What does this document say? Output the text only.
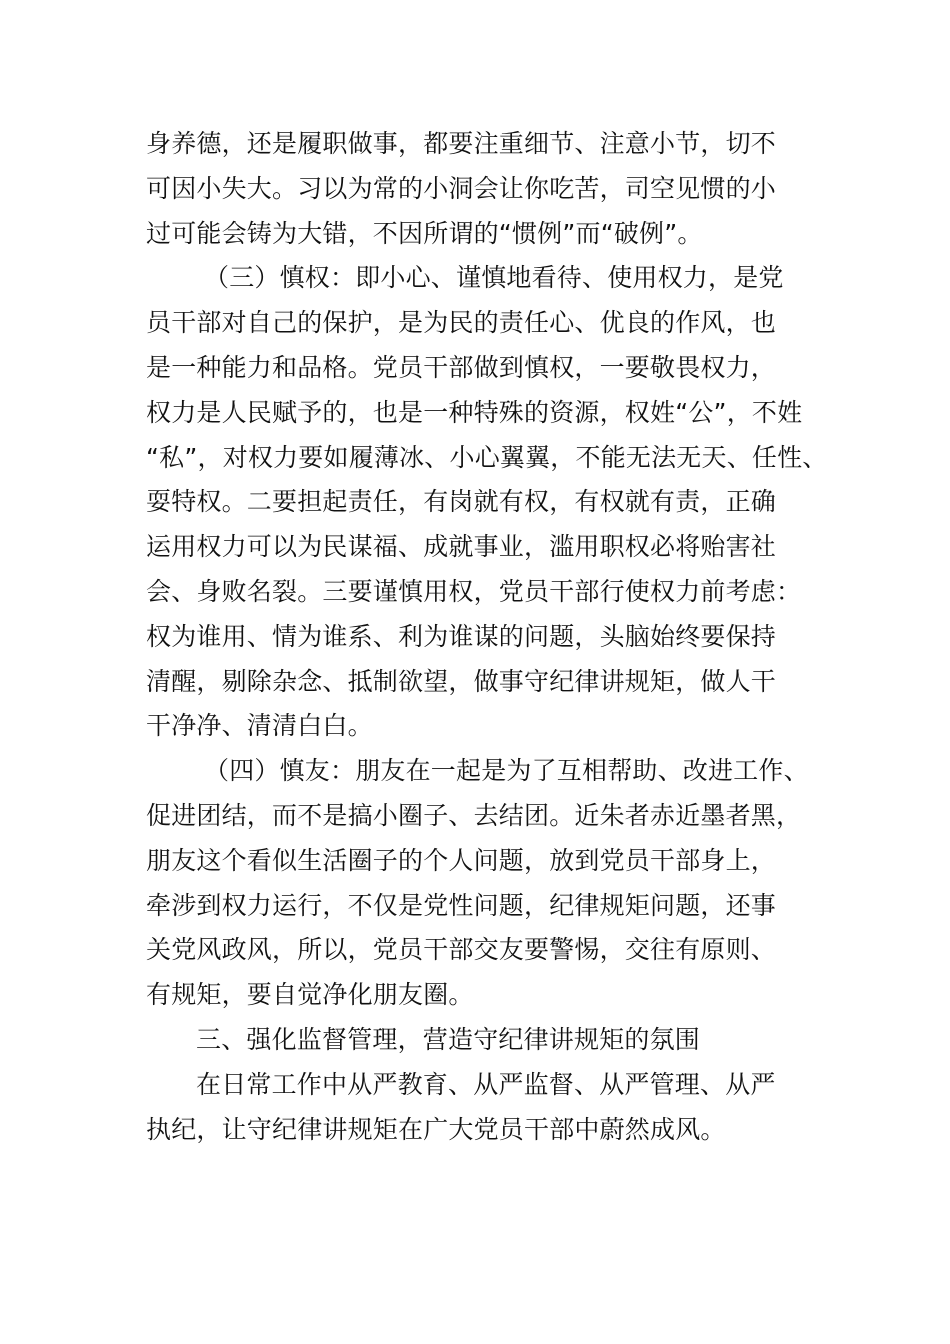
身养德，还是履职做事，都要注重细节、注意小节，切不
可因小失大。习以为常的小洞会让你吃苦，司空见惯的小
过可能会铸为大错，不因所谓的“惯例”而“破例”。
（三）慎权：即小心、谨慎地看待、使用权力，是党
员干部对自己的保护，是为民的责任心、优良的作风，也
是一种能力和品格。党员干部做到慎权，一要敬畏权力，
权力是人民赋予的，也是一种特殊的资源，权姓“公”，不姓
“私”，对权力要如履薄冰、小心翼翼，不能无法无天、任性、
耍特权。二要担起责任，有岗就有权，有权就有责，正确
运用权力可以为民谋福、成就事业，滥用职权必将贻害社
会、身败名裂。三要谨慎用权，党员干部行使权力前考虑：
权为谁用、情为谁系、利为谁谋的问题，头脑始终要保持
清醒，剔除杂念、抵制欲望，做事守纪律讲规矩，做人干
干净净、清清白白。
（四）慎友：朋友在一起是为了互相帮助、改进工作、
促进团结，而不是搞小圈子、去结团。近朱者赤近墨者黑，
朋友这个看似生活圈子的个人问题，放到党员干部身上，
牵涉到权力运行，不仅是党性问题，纪律规矩问题，还事
关党风政风，所以，党员干部交友要警惕，交往有原则、
有规矩，要自觉净化朋友圈。
三、强化监督管理，营造守纪律讲规矩的氛围
在日常工作中从严教育、从严监督、从严管理、从严
执纪，让守纪律讲规矩在广大党员干部中蔚然成风。
